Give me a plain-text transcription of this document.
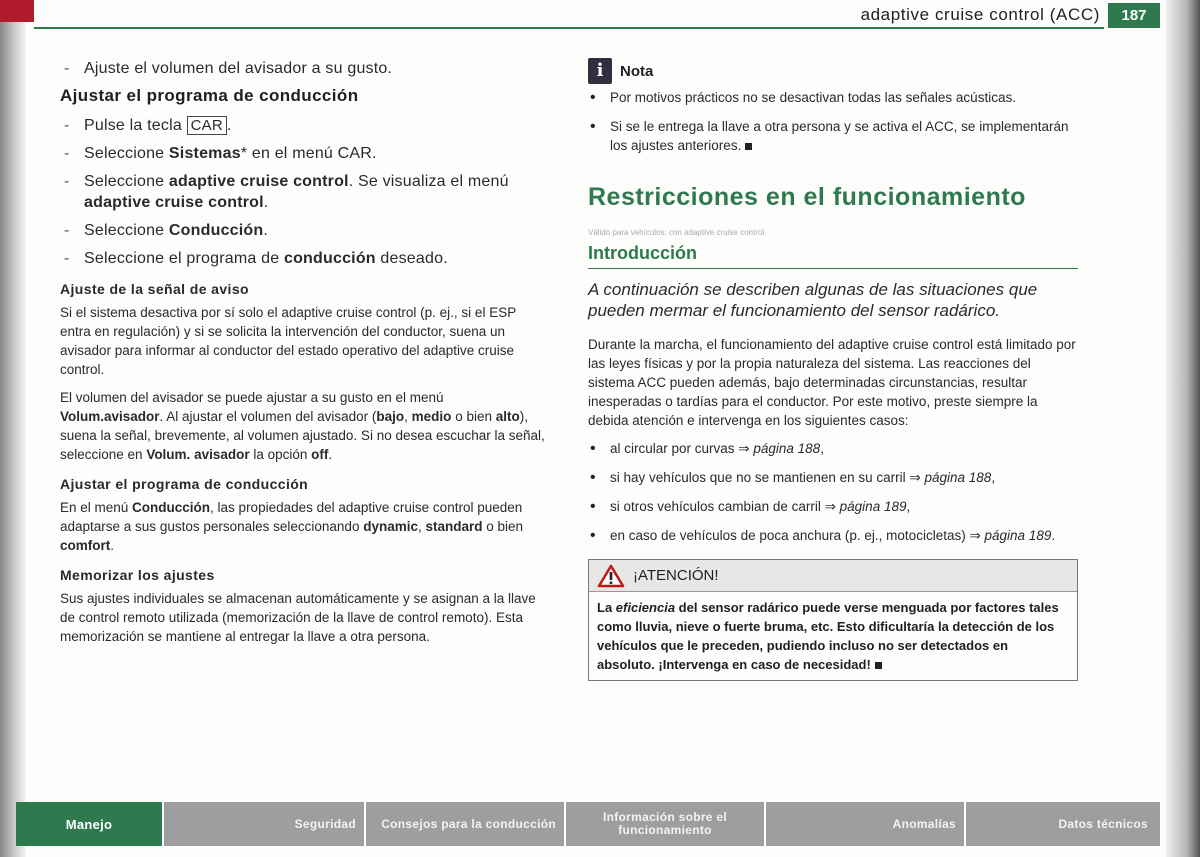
adaptive cruise control (ACC)	187
- Ajuste el volumen del avisador a su gusto.
Ajustar el programa de conducción
- Pulse la tecla CAR .
- Seleccione Sistemas* en el menú CAR.
- Seleccione adaptive cruise control. Se visualiza el menú adaptive cruise control.
- Seleccione Conducción.
- Seleccione el programa de conducción deseado.
Ajuste de la señal de aviso

Si el sistema desactiva por sí solo el adaptive cruise control (p. ej., si el ESP entra en regulación) y si se solicita la intervención del conductor, suena un avisador para informar al conductor del estado operativo del adaptive cruise control.

El volumen del avisador se puede ajustar a su gusto en el menú Volum.avisador. Al ajustar el volumen del avisador (bajo, medio o bien alto), suena la señal, brevemente, al volumen ajustado. Si no desea escuchar la señal, seleccione en Volum. avisador la opción off.

Ajustar el programa de conducción

En el menú Conducción, las propiedades del adaptive cruise control pueden adaptarse a sus gustos personales seleccionando dynamic, standard o bien comfort.

Memorizar los ajustes

Sus ajustes individuales se almacenan automáticamente y se asignan a la llave de control remoto utilizada (memorización de la llave de control remoto). Esta memorización se mantiene al entregar la llave a otra persona.

i	Nota
• Por motivos prácticos no se desactivan todas las señales acústicas.
• Si se le entrega la llave a otra persona y se activa el ACC, se implementarán los ajustes anteriores.
Restricciones en el funcionamiento
Válido para vehículos: con adaptive cruise control
Introducción

A continuación se describen algunas de las situaciones que pueden mermar el funcionamiento del sensor radárico.

Durante la marcha, el funcionamiento del adaptive cruise control está limitado por las leyes físicas y por la propia naturaleza del sistema. Las reacciones del sistema ACC pueden además, bajo determinadas circunstancias, resultar inesperadas o tardías para el conductor. Por este motivo, preste siempre la debida atención e intervenga en los siguientes casos:

• al circular por curvas ⇒ página 188,
• si hay vehículos que no se mantienen en su carril ⇒ página 188,
• si otros vehículos cambian de carril ⇒ página 189,
• en caso de vehículos de poca anchura (p. ej., motocicletas) ⇒ página 189.
¡ATENCIÓN!
La eficiencia del sensor radárico puede verse menguada por factores tales como lluvia, nieve o fuerte bruma, etc. Esto dificultaría la detección de los vehículos que le preceden, pudiendo incluso no ser detectados en absoluto. ¡Intervenga en caso de necesidad!
Manejo	Seguridad	Consejos para la conducción	Información sobre el funcionamiento	Anomalías	Datos técnicos
